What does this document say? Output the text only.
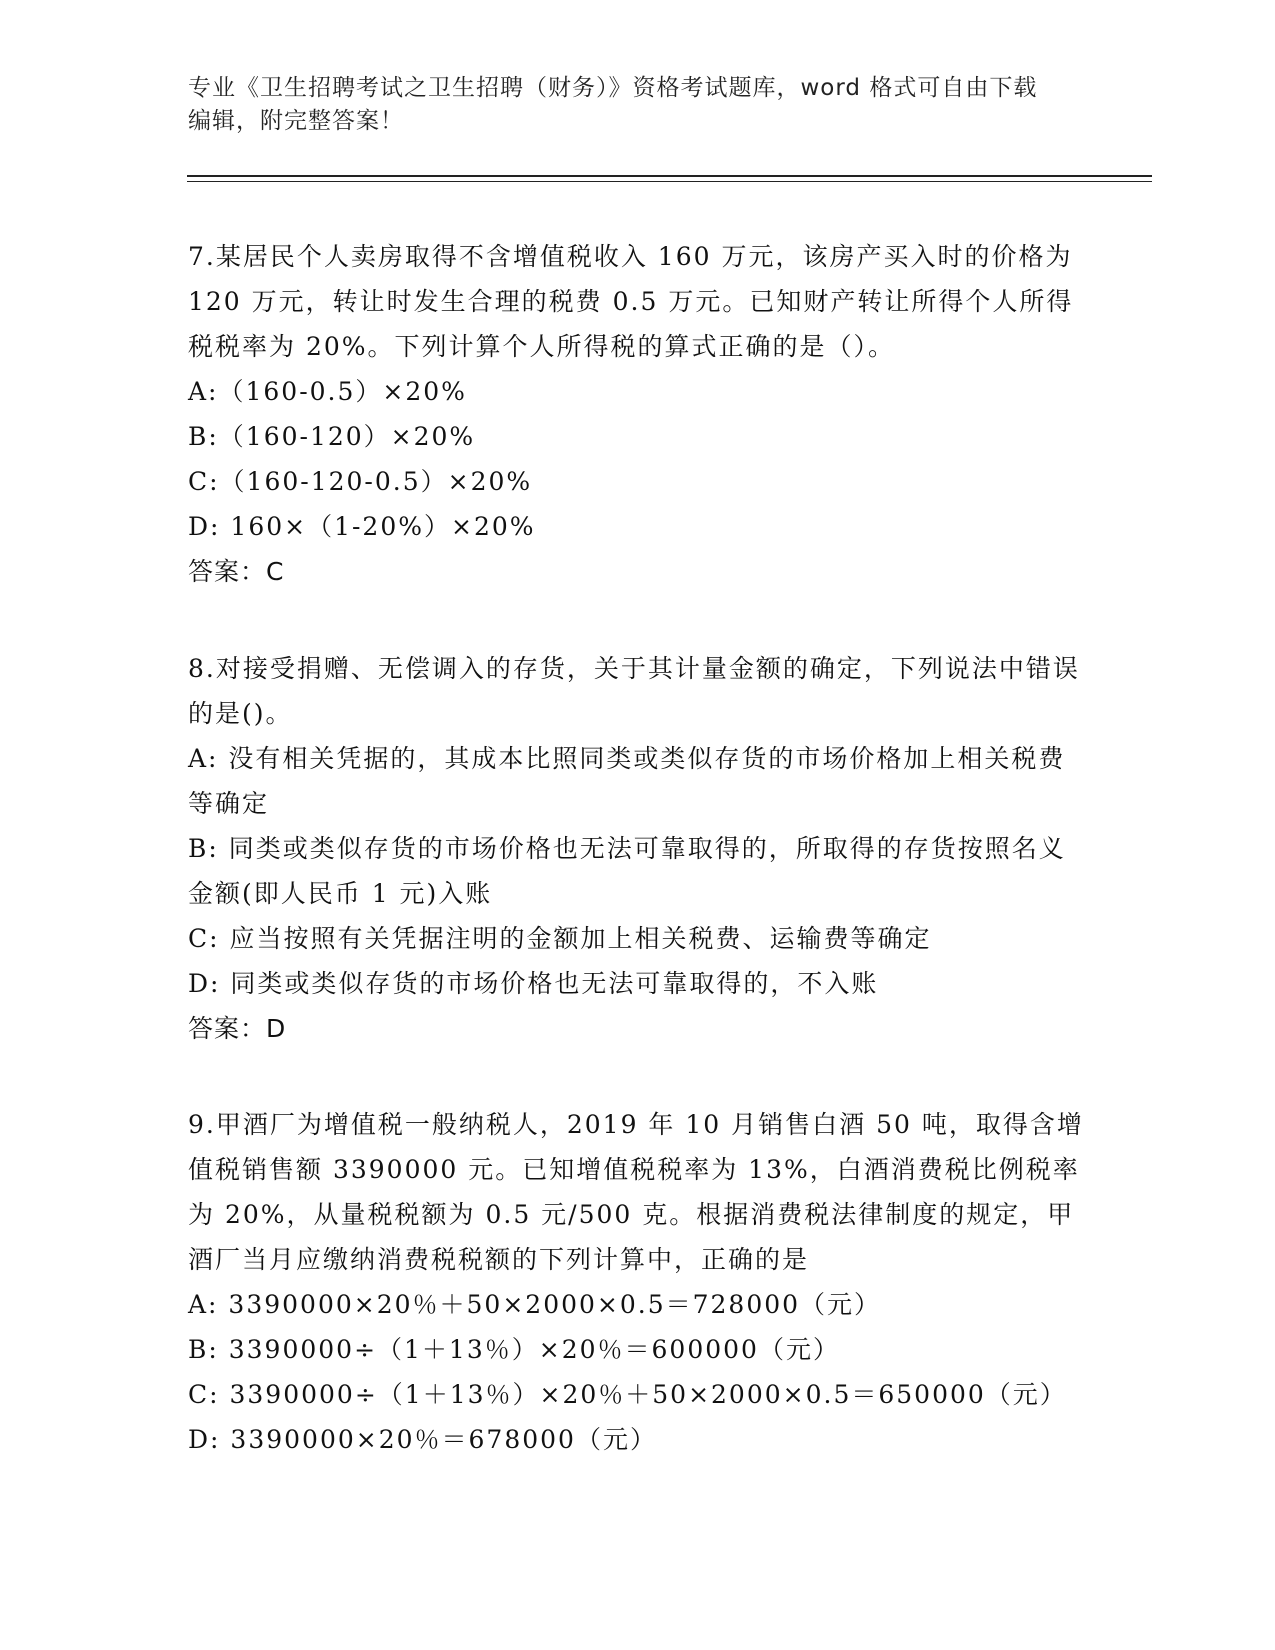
专业《卫生招聘考试之卫生招聘（财务）》资格考试题库，word 格式可自由下载
编辑，附完整答案！

7.某居民个人卖房取得不含增值税收入 160 万元，该房产买入时的价格为 120 万元，转让时发生合理的税费 0.5 万元。已知财产转让所得个人所得税税率为 20%。下列计算个人所得税的算式正确的是（）。

A:（160-0.5）×20%
B:（160-120）×20%
C:（160-120-0.5）×20%
D: 160×（1-20%）×20%

答案：C

8.对接受捐赠、无偿调入的存货，关于其计量金额的确定，下列说法中错误的是()。

A: 没有相关凭据的，其成本比照同类或类似存货的市场价格加上相关税费等确定
B: 同类或类似存货的市场价格也无法可靠取得的，所取得的存货按照名义金额(即人民币 1 元)入账
C: 应当按照有关凭据注明的金额加上相关税费、运输费等确定
D: 同类或类似存货的市场价格也无法可靠取得的，不入账

答案：D

9.甲酒厂为增值税一般纳税人，2019 年 10 月销售白酒 50 吨，取得含增值税销售额 3390000 元。已知增值税税率为 13%，白酒消费税比例税率为 20%，从量税税额为 0.5 元/500 克。根据消费税法律制度的规定，甲酒厂当月应缴纳消费税税额的下列计算中，正确的是

A: 3390000×20％＋50×2000×0.5＝728000（元）
B: 3390000÷（1＋13％）×20％＝600000（元）
C: 3390000÷（1＋13％）×20％＋50×2000×0.5＝650000（元）
D: 3390000×20％＝678000（元）
